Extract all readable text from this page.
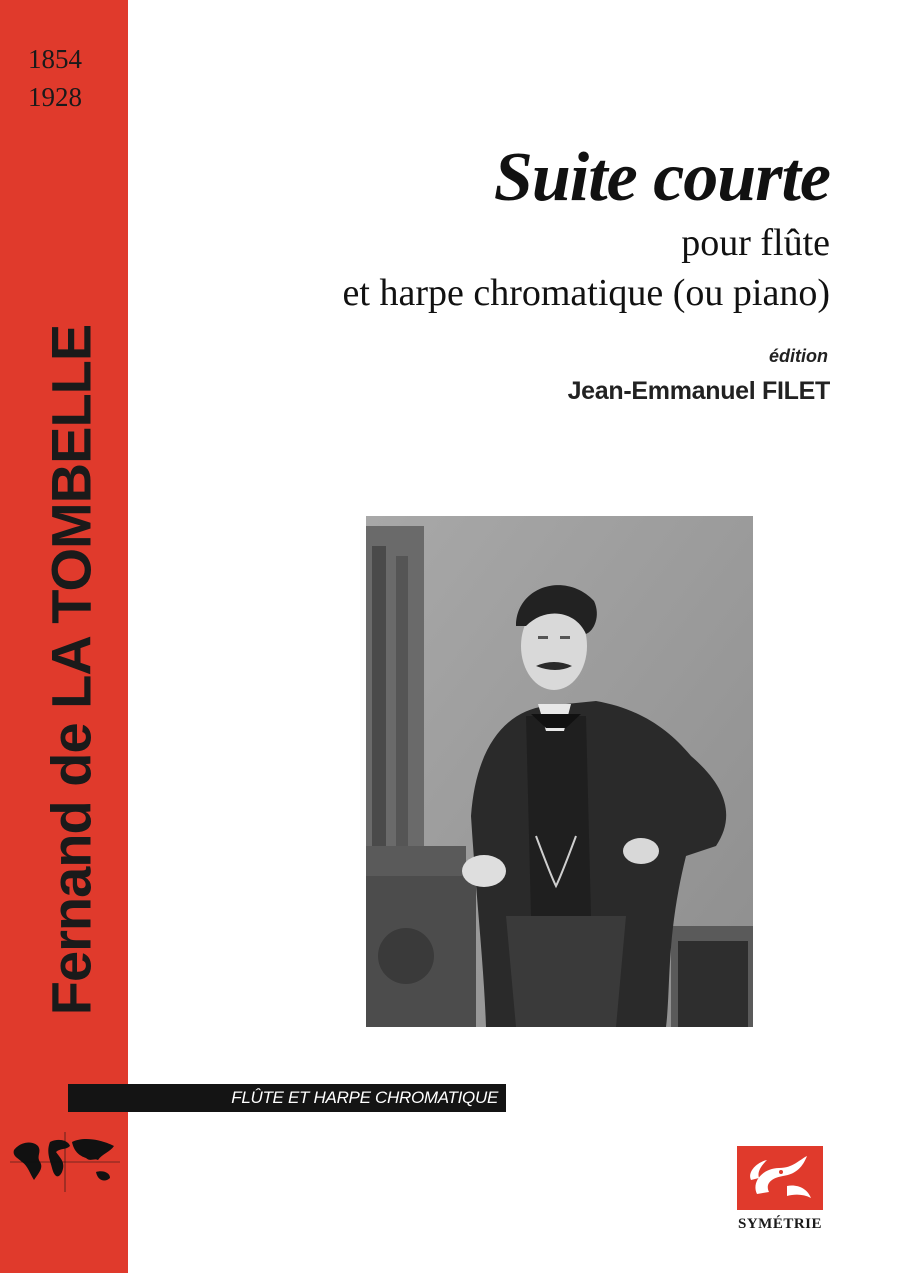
1854
1928
Fernand de LA TOMBELLE
Suite courte
pour flûte
et harpe chromatique (ou piano)
édition
Jean-Emmanuel FILET
FLÛTE ET HARPE CHROMATIQUE
SYMÉTRIE
